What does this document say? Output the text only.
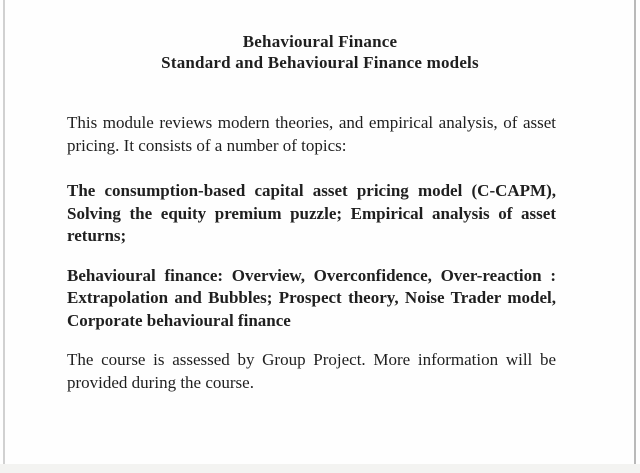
Behavioural Finance
Standard and Behavioural Finance models

This module reviews modern theories, and empirical analysis, of asset pricing. It consists of a number of topics:

The consumption-based capital asset pricing model (C-CAPM), Solving the equity premium puzzle; Empirical analysis of asset returns;

Behavioural finance: Overview, Overconfidence, Over-reaction : Extrapolation and Bubbles; Prospect theory, Noise Trader model, Corporate behavioural finance

The course is assessed by Group Project. More information will be provided during the course.
